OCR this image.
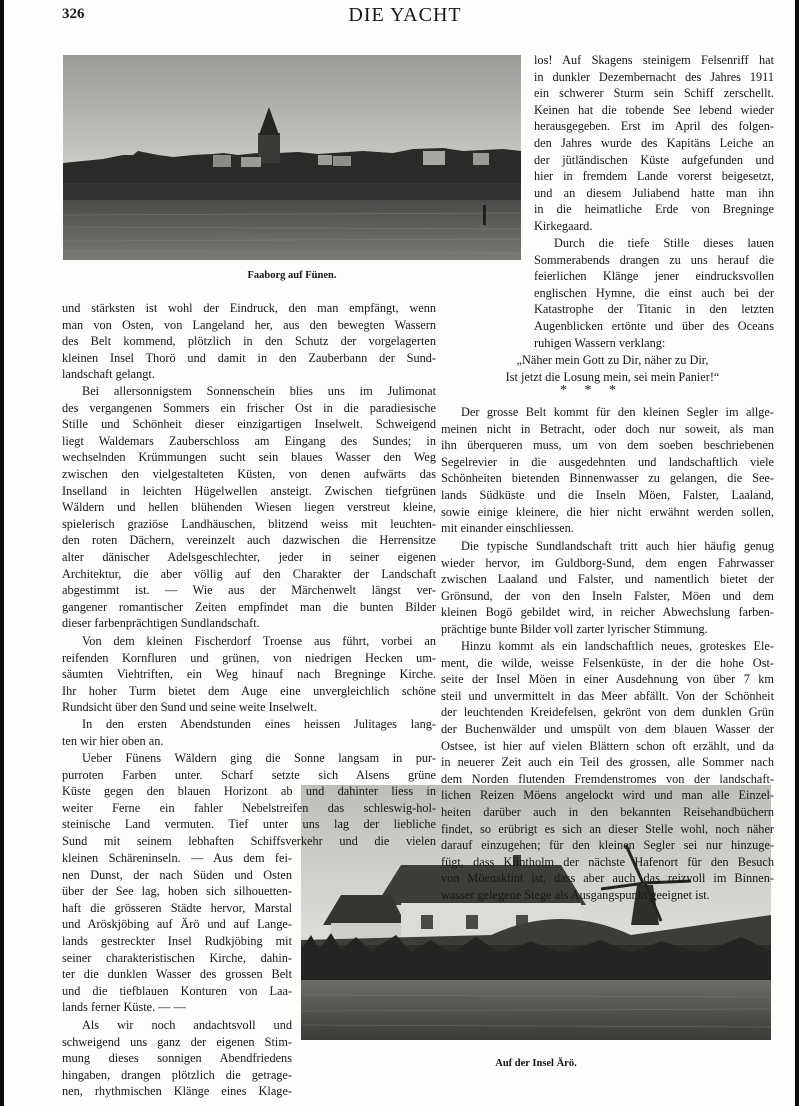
326	DIE YACHT
Faaborg auf Fünen.
Auf der Insel Ärö.
und stärksten ist wohl der Eindruck, den man empfängt, wenn
man von Osten, von Langeland her, aus den bewegten Wassern
des Belt kommend, plötzlich in den Schutz der vorgelagerten
kleinen Insel Thorö und damit in den Zauberbann der Sund-
landschaft gelangt.
Bei allersonnigstem Sonnenschein blies uns im Julimonat
des vergangenen Sommers ein frischer Ost in die paradiesische
Stille und Schönheit dieser einzigartigen Inselwelt. Schweigend
liegt Waldemars Zauberschloss am Eingang des Sundes; in
wechselnden Krümmungen sucht sein blaues Wasser den Weg
zwischen den vielgestalteten Küsten, von denen aufwärts das
Inselland in leichten Hügelwellen ansteigt. Zwischen tiefgrünen
Wäldern und hellen blühenden Wiesen liegen verstreut kleine,
spielerisch graziöse Landhäuschen, blitzend weiss mit leuchten-
den roten Dächern, vereinzelt auch dazwischen die Herrensitze
alter dänischer Adelsgeschlechter, jeder in seiner eigenen
Architektur, die aber völlig auf den Charakter der Landschaft
abgestimmt ist. — Wie aus der Märchenwelt längst ver-
gangener romantischer Zeiten empfindet man die bunten Bilder
dieser farbenprächtigen Sundlandschaft.
Von dem kleinen Fischerdorf Troense aus führt, vorbei an
reifenden Kornfluren und grünen, von niedrigen Hecken um-
säumten Viehtriften, ein Weg hinauf nach Bregninge Kirche.
Ihr hoher Turm bietet dem Auge eine unvergleichlich schöne
Rundsicht über den Sund und seine weite Inselwelt.
In den ersten Abendstunden eines heissen Julitages lang-
ten wir hier oben an.
Ueber Fünens Wäldern ging die Sonne langsam in pur-
purroten Farben unter. Scharf setzte sich Alsens grüne
Küste gegen den blauen Horizont ab und dahinter liess in
weiter Ferne ein fahler Nebelstreifen das schleswig-hol-
steinische Land vermuten. Tief unter uns lag der liebliche
Sund mit seinem lebhaften Schiffsverkehr und die vielen
kleinen Schäreninseln. — Aus dem fei-
nen Dunst, der nach Süden und Osten
über der See lag, hoben sich silhouetten-
haft die grösseren Städte hervor, Marstal
und Aröskjöbing auf Ärö und auf Lange-
lands gestreckter Insel Rudkjöbing mit
seiner charakteristischen Kirche, dahin-
ter die dunklen Wasser des grossen Belt
und die tiefblauen Konturen von Laa-
lands ferner Küste. — —
Als wir noch andachtsvoll und
schweigend uns ganz der eigenen Stim-
mung dieses sonnigen Abendfriedens
hingaben, drangen plötzlich die getrage-
nen, rhythmischen Klänge eines Klage-
los! Auf Skagens steinigem Felsenriff hat
in dunkler Dezembernacht des Jahres 1911
ein schwerer Sturm sein Schiff zerschellt.
Keinen hat die tobende See lebend wieder
herausgegeben. Erst im April des folgen-
den Jahres wurde des Kapitäns Leiche an
der jütländischen Küste aufgefunden und
hier in fremdem Lande vorerst beigesetzt,
und an diesem Juliabend hatte man ihn
in die heimatliche Erde von Bregninge
Kirkegaard.
Durch die tiefe Stille dieses lauen
Sommerabends drangen zu uns herauf die
feierlichen Klänge jener eindrucksvollen
englischen Hymne, die einst auch bei der
Katastrophe der Titanic in den letzten
Augenblicken ertönte und über des Oceans
ruhigen Wassern verklang:
„Näher mein Gott zu Dir, näher zu Dir,
Ist jetzt die Losung mein, sei mein Panier!“
*     *     *
Der grosse Belt kommt für den kleinen Segler im allge-
meinen nicht in Betracht, oder doch nur soweit, als man
ihn überqueren muss, um von dem soeben beschriebenen
Segelrevier in die ausgedehnten und landschaftlich viele
Schönheiten bietenden Binnenwasser zu gelangen, die See-
lands Südküste und die Inseln Möen, Falster, Laaland,
sowie einige kleinere, die hier nicht erwähnt werden sollen,
mit einander einschliessen.
Die typische Sundlandschaft tritt auch hier häufig genug
wieder hervor, im Guldborg-Sund, dem engen Fahrwasser
zwischen Laaland und Falster, und namentlich bietet der
Grönsund, der von den Inseln Falster, Möen und dem
kleinen Bogö gebildet wird, in reicher Abwechslung farben-
prächtige bunte Bilder voll zarter lyrischer Stimmung.
Hinzu kommt als ein landschaftlich neues, groteskes Ele-
ment, die wilde, weisse Felsenküste, in der die hohe Ost-
seite der Insel Möen in einer Ausdehnung von über 7 km
steil und unvermittelt in das Meer abfällt. Von der Schönheit
der leuchtenden Kreidefelsen, gekrönt von dem dunklen Grün
der Buchenwälder und umspült von dem blauen Wasser der
Ostsee, ist hier auf vielen Blättern schon oft erzählt, und da
in neuerer Zeit auch ein Teil des grossen, alle Sommer nach
dem Norden flutenden Fremdenstromes von der landschaft-
lichen Reizen Möens angelockt wird und man alle Einzel-
heiten darüber auch in den bekannten Reisehandbüchern
findet, so erübrigt es sich an dieser Stelle wohl, noch näher
darauf einzugehen; für den kleinen Segler sei nur hinzuge-
fügt, dass Klintholm der nächste Hafenort für den Besuch
von Möensklint ist, dass aber auch das reizvoll im Binnen-
wasser gelegene Stege als Ausgangspunkt geeignet ist.
